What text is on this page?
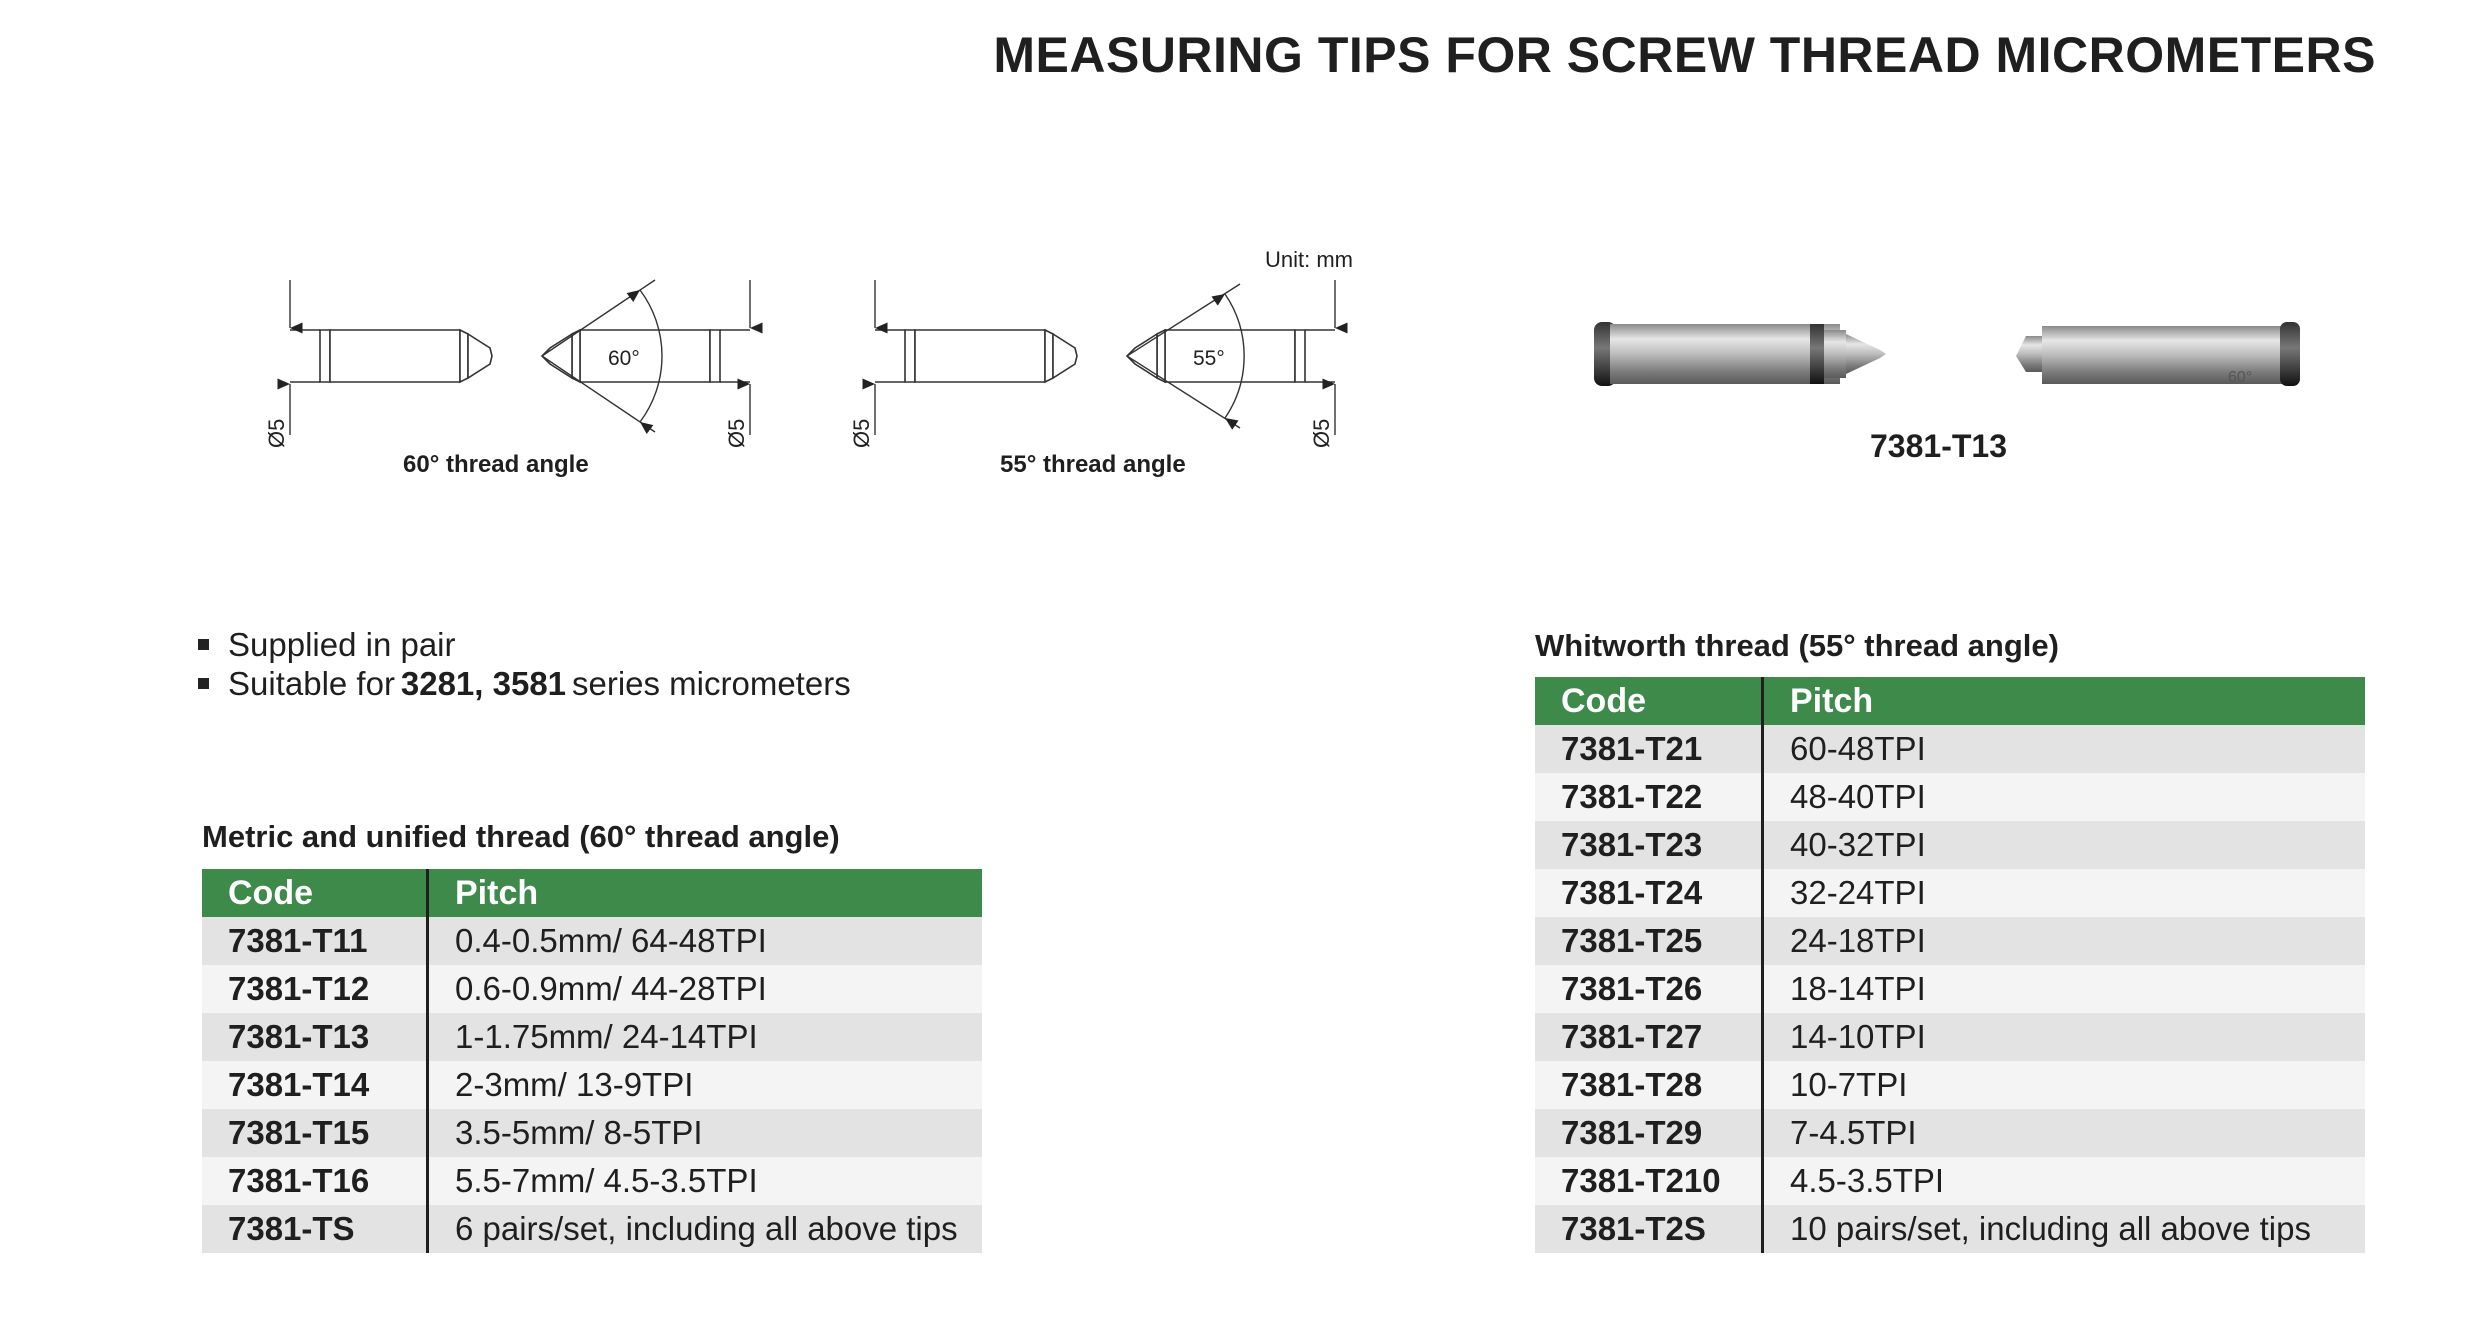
MEASURING TIPS FOR SCREW THREAD MICROMETERS
60°
Ø5	Ø5
60° thread angle
55°
Ø5	Ø5
55° thread angle
Unit: mm
60°
7381-T13
Supplied in pair
Suitable for 3281, 3581 series micrometers
Metric and unified thread (60° thread angle)
Code	Pitch
7381-T11	0.4-0.5mm/ 64-48TPI
7381-T12	0.6-0.9mm/ 44-28TPI
7381-T13	1-1.75mm/ 24-14TPI
7381-T14	2-3mm/ 13-9TPI
7381-T15	3.5-5mm/ 8-5TPI
7381-T16	5.5-7mm/ 4.5-3.5TPI
7381-TS	6 pairs/set, including all above tips
Whitworth thread (55° thread angle)
Code	Pitch
7381-T21	60-48TPI
7381-T22	48-40TPI
7381-T23	40-32TPI
7381-T24	32-24TPI
7381-T25	24-18TPI
7381-T26	18-14TPI
7381-T27	14-10TPI
7381-T28	10-7TPI
7381-T29	7-4.5TPI
7381-T210	4.5-3.5TPI
7381-T2S	10 pairs/set, including all above tips
